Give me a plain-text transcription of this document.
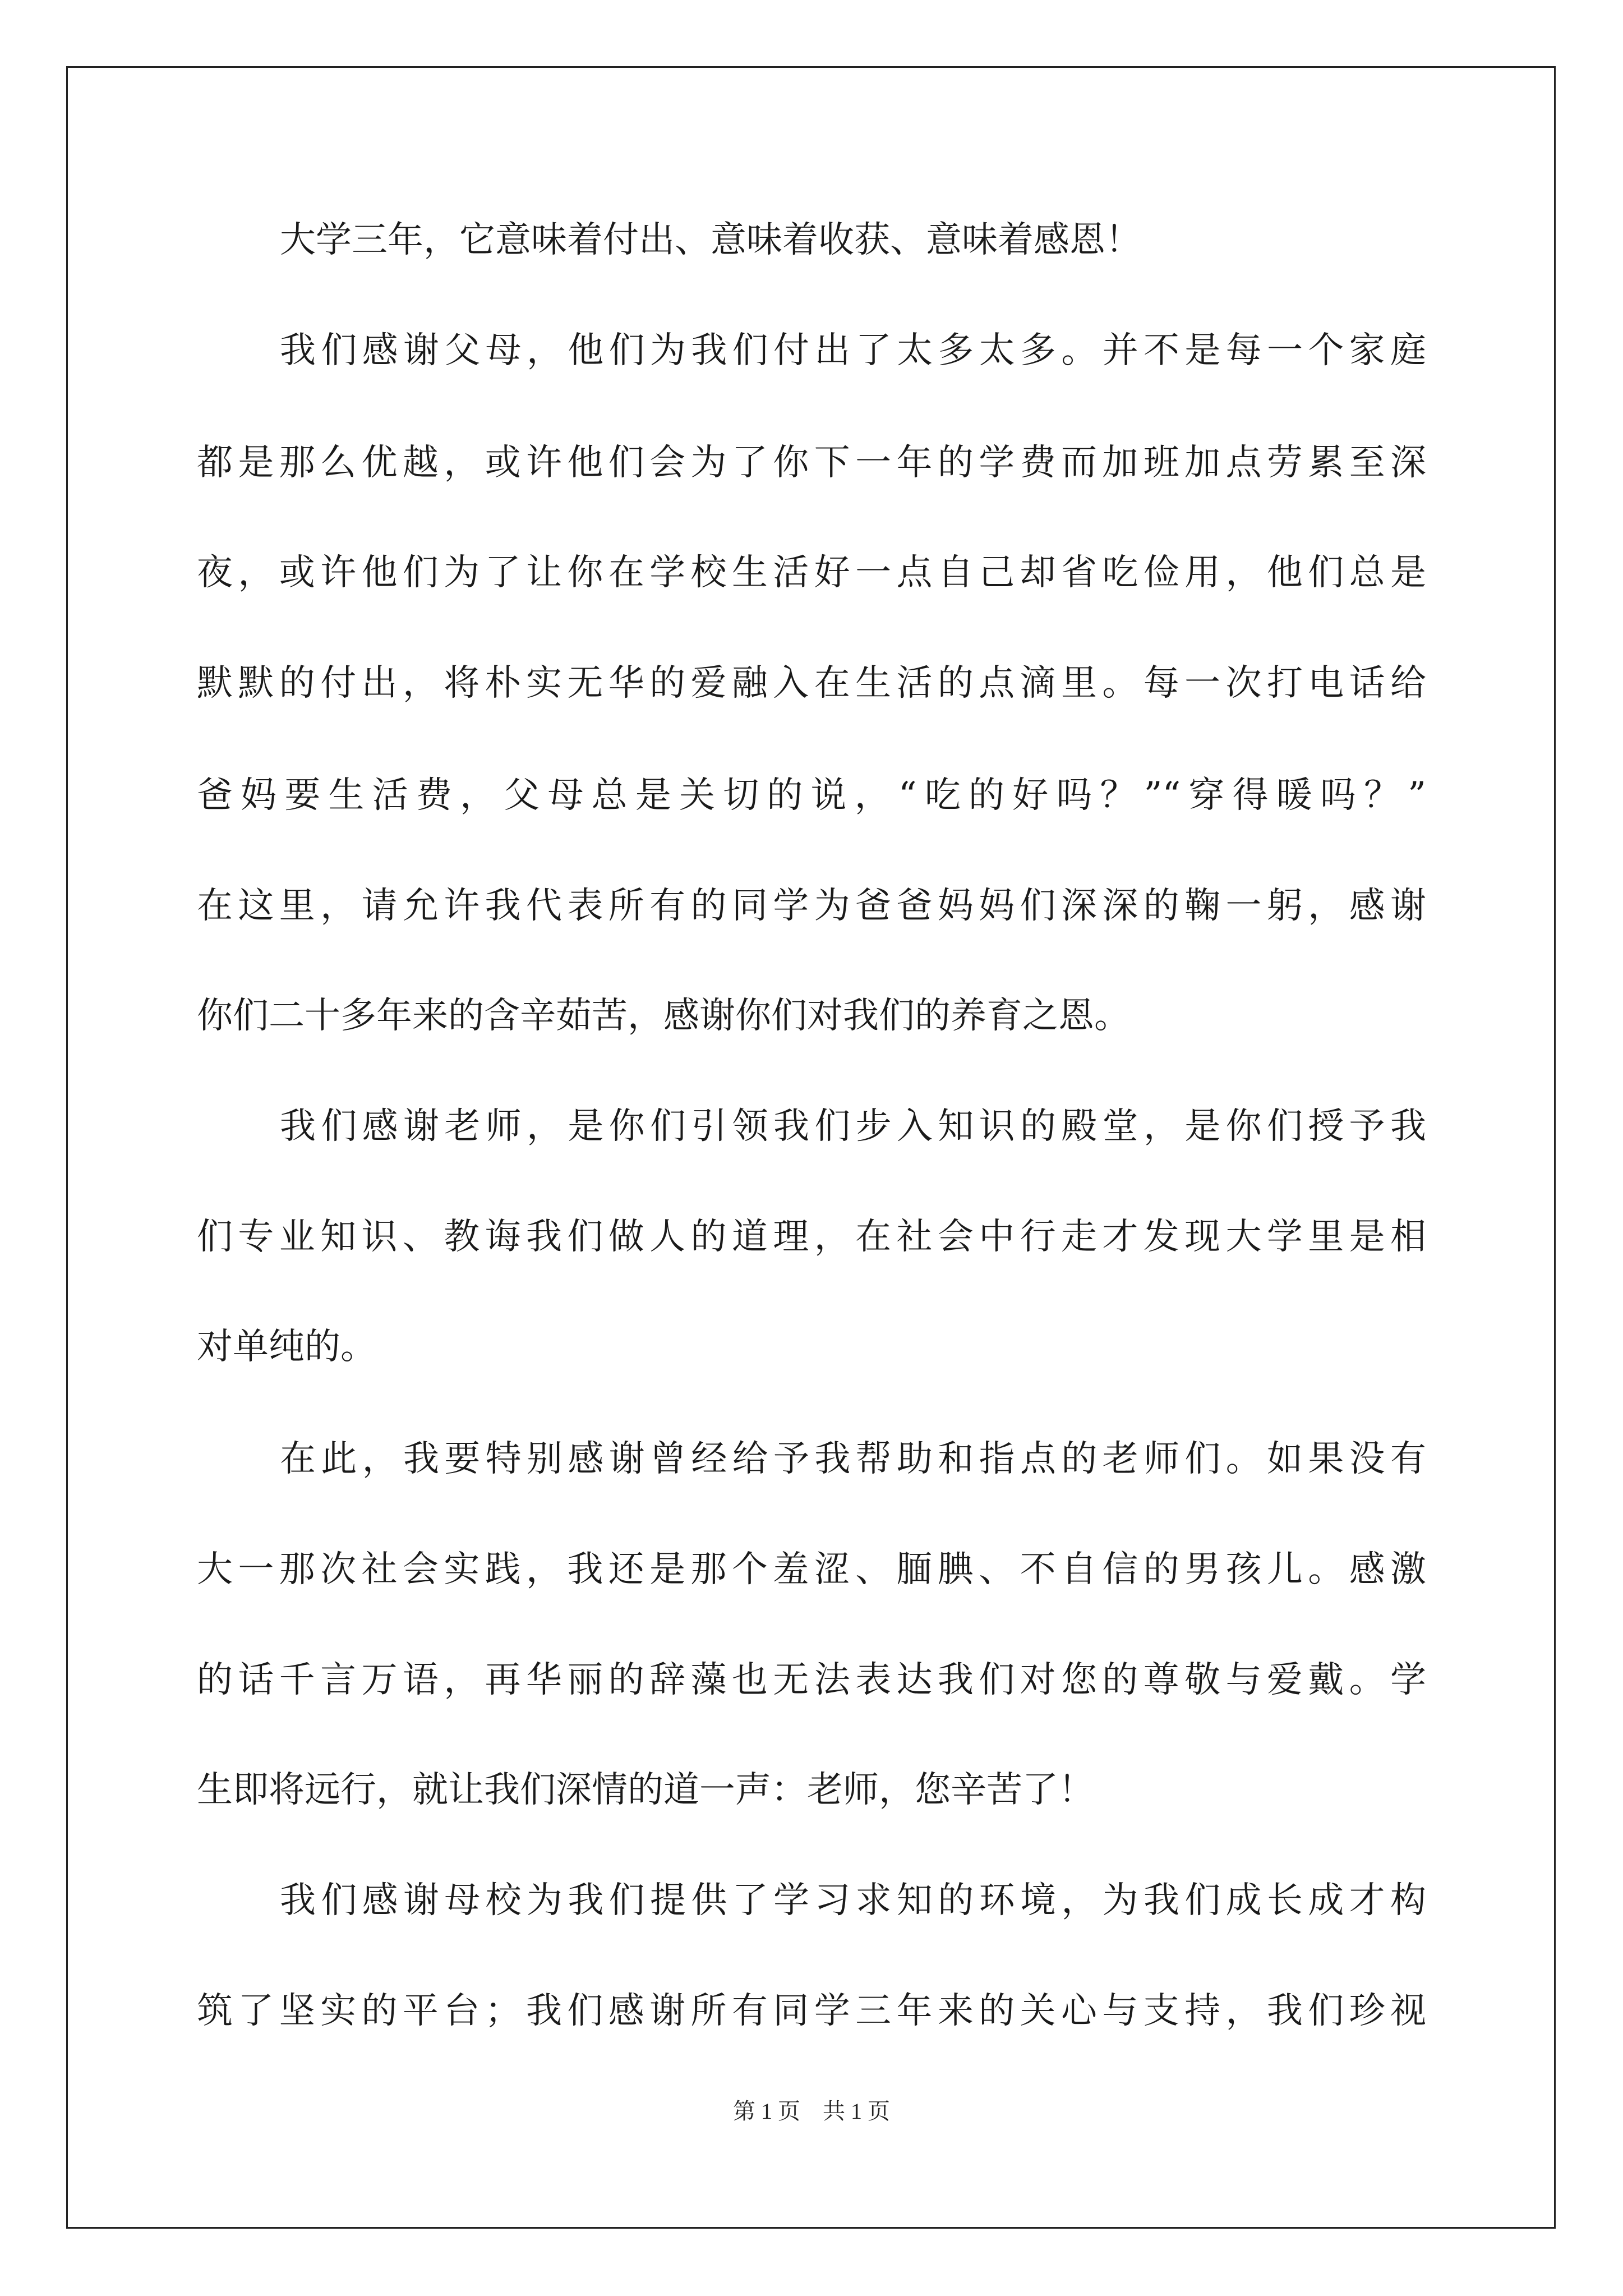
大学三年，它意味着付出、意味着收获、意味着感恩！
我们感谢父母，他们为我们付出了太多太多。并不是每一个家庭
都是那么优越，或许他们会为了你下一年的学费而加班加点劳累至深
夜，或许他们为了让你在学校生活好一点自己却省吃俭用，他们总是
默默的付出，将朴实无华的爱融入在生活的点滴里。每一次打电话给
爸妈要生活费，父母总是关切的说，“吃的好吗？”“穿得暖吗？”
在这里，请允许我代表所有的同学为爸爸妈妈们深深的鞠一躬，感谢
你们二十多年来的含辛茹苦，感谢你们对我们的养育之恩。
我们感谢老师，是你们引领我们步入知识的殿堂，是你们授予我
们专业知识、教诲我们做人的道理，在社会中行走才发现大学里是相
对单纯的。
在此，我要特别感谢曾经给予我帮助和指点的老师们。如果没有
大一那次社会实践，我还是那个羞涩、腼腆、不自信的男孩儿。感激
的话千言万语，再华丽的辞藻也无法表达我们对您的尊敬与爱戴。学
生即将远行，就让我们深情的道一声：老师，您辛苦了！
我们感谢母校为我们提供了学习求知的环境，为我们成长成才构
筑了坚实的平台；我们感谢所有同学三年来的关心与支持，我们珍视
第 1 页 共 1 页
